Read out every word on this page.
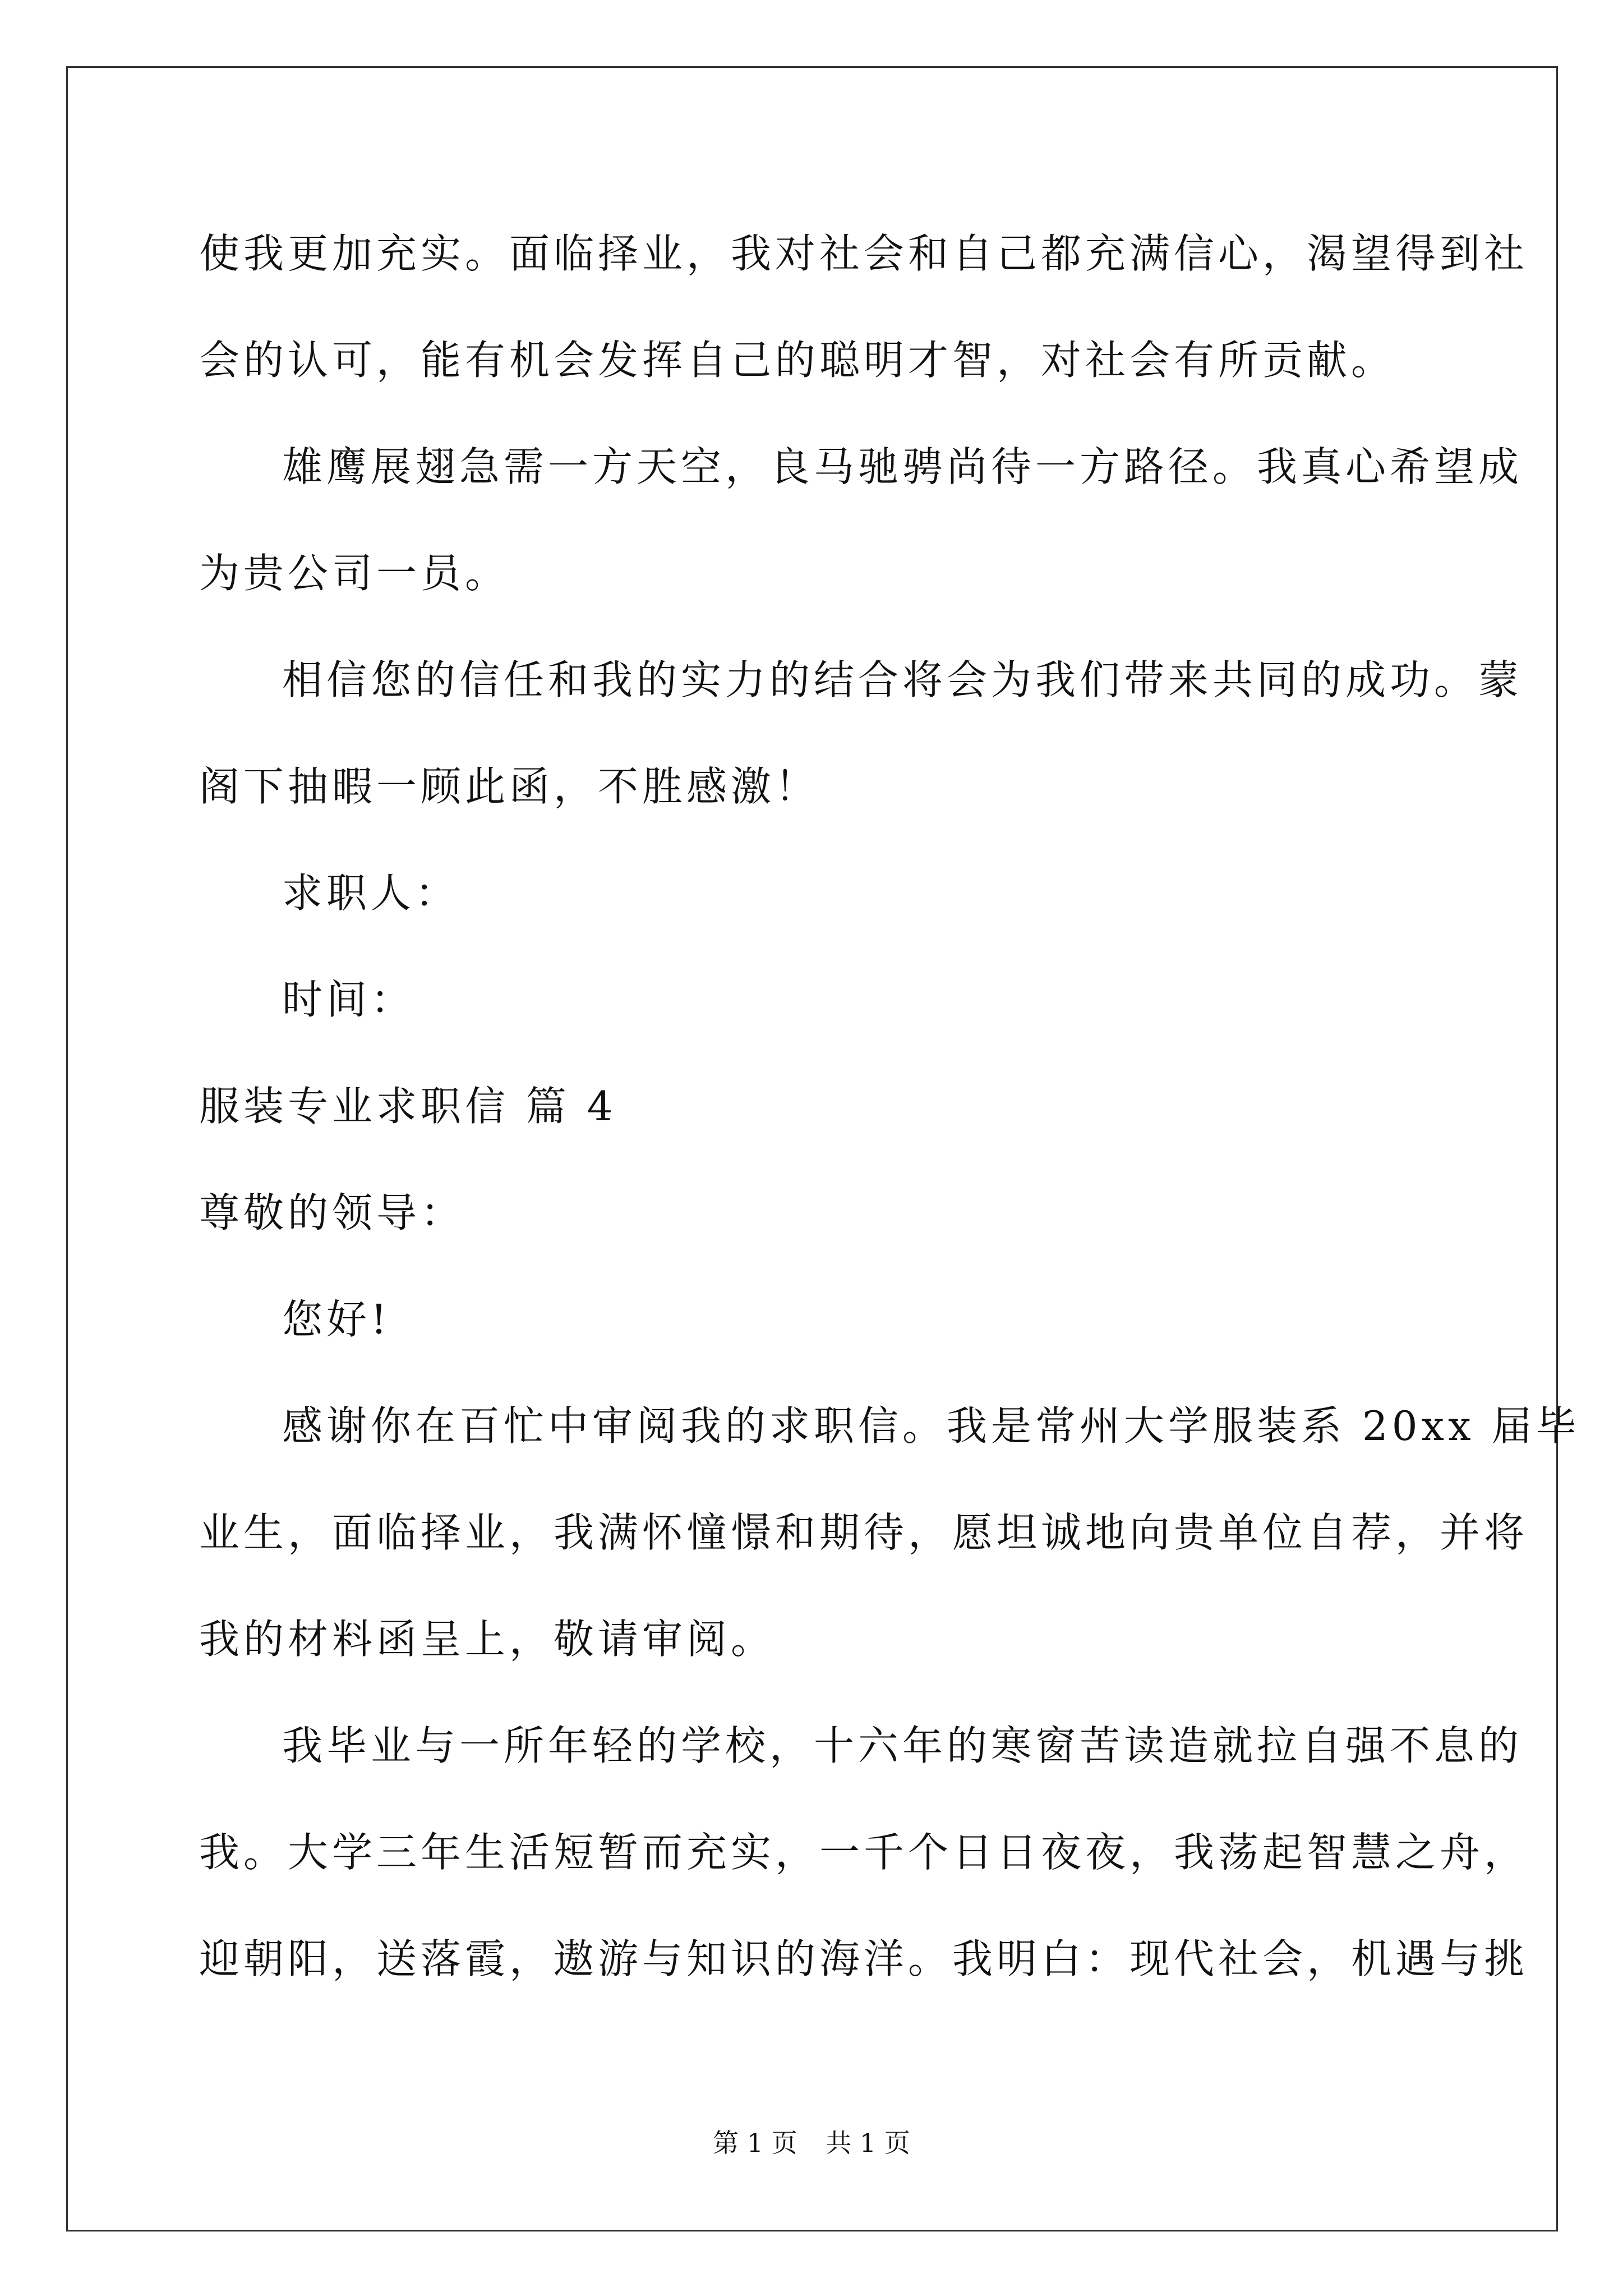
使我更加充实。面临择业，我对社会和自己都充满信心，渴望得到社

会的认可，能有机会发挥自己的聪明才智，对社会有所贡献。

雄鹰展翅急需一方天空，良马驰骋尚待一方路径。我真心希望成

为贵公司一员。

相信您的信任和我的实力的结合将会为我们带来共同的成功。蒙

阁下抽暇一顾此函，不胜感激！

求职人：

时间：

服装专业求职信 篇 4

尊敬的领导：

您好!

感谢你在百忙中审阅我的求职信。我是常州大学服装系 20xx 届毕

业生，面临择业，我满怀憧憬和期待，愿坦诚地向贵单位自荐，并将

我的材料函呈上，敬请审阅。

我毕业与一所年轻的学校，十六年的寒窗苦读造就拉自强不息的

我。大学三年生活短暂而充实，一千个日日夜夜，我荡起智慧之舟，

迎朝阳，送落霞，遨游与知识的海洋。我明白：现代社会，机遇与挑

第 1 页 共 1 页
